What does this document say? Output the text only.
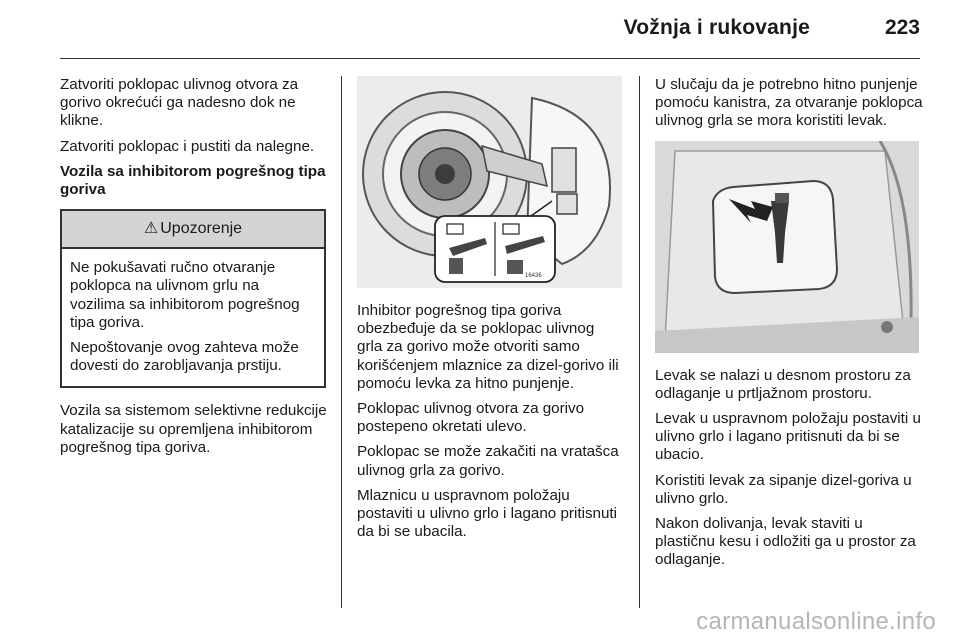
Vožnja i rukovanje	223

Zatvoriti poklopac ulivnog otvora za gorivo okrećući ga nadesno dok ne klikne.

Zatvoriti poklopac i pustiti da nalegne.

Vozila sa inhibitorom pogrešnog tipa goriva

⚠ Upozorenje

Ne pokušavati ručno otvaranje poklopca na ulivnom grlu na vozilima sa inhibitorom pogrešnog tipa goriva.

Nepoštovanje ovog zahteva može dovesti do zarobljavanja prstiju.

Vozila sa sistemom selektivne redukcije katalizacije su opremljena inhibitorom pogrešnog tipa goriva.

16436

Inhibitor pogrešnog tipa goriva obezbeđuje da se poklopac ulivnog grla za gorivo može otvoriti samo korišćenjem mlaznice za dizel-gorivo ili pomoću levka za hitno punjenje.

Poklopac ulivnog otvora za gorivo postepeno okretati ulevo.

Poklopac se može zakačiti na vratašca ulivnog grla za gorivo.

Mlaznicu u uspravnom položaju postaviti u ulivno grlo i lagano pritisnuti da bi se ubacila.

U slučaju da je potrebno hitno punjenje pomoću kanistra, za otvaranje poklopca ulivnog grla se mora koristiti levak.

Levak se nalazi u desnom prostoru za odlaganje u prtljažnom prostoru.

Levak u uspravnom položaju postaviti u ulivno grlo i lagano pritisnuti da bi se ubacio.

Koristiti levak za sipanje dizel-goriva u ulivno grlo.

Nakon dolivanja, levak staviti u plastičnu kesu i odložiti ga u prostor za odlaganje.

carmanualsonline.info
